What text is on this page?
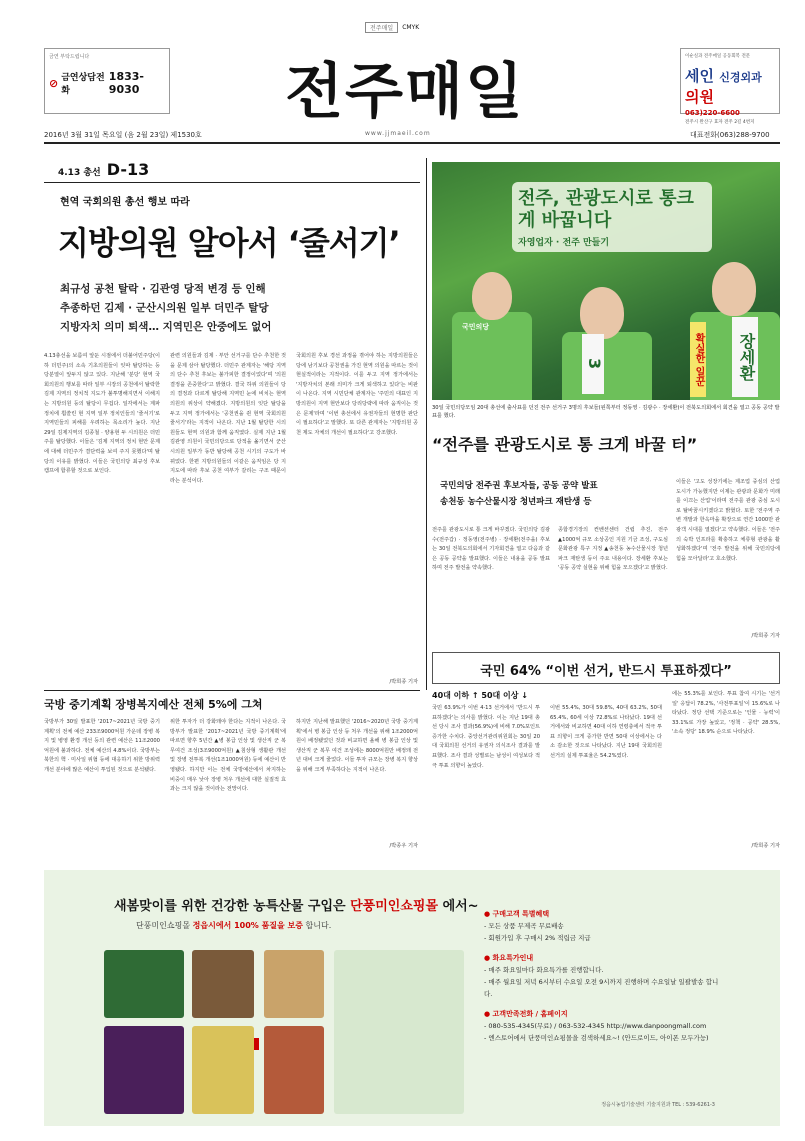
전주매일	CMYK
금연 부탁드립니다
⊘ 금연상담전화
1833-9030	전주매일
이순실과 전주매일 공동회복 전문
세인 신경외과 의원
063)220-6600
전주시 완산구 효자 전주 2길 4번지
2016년 3월 31일 목요일 (음 2월 23일) 제1530호	www.jjmaeil.com	대표전화(063)288-9700
4.13 총선 D-13
현역 국회의원 총선 행보 따라
지방의원 알아서 ‘줄서기’
최규성 공천 탈락 · 김관영 당적 변경 등 인해
추종하던 김제 · 군산시의원 일부 더민주 탈당
지방자치 의미 퇴색… 지역민은 안중에도 없어
4.13총선을 보름여 앞둔 시점에서 더불어민주당(이하 더민주)의 소속 기초의원들이 잇따 탈당하는 등 당분열이 앞두지 않고 있다. 지난해 '분당' 현역 국회의원의 행보를 따라 일부 시장의 공천에서 탈락한 김제 지역의 정치적 지도가 불투명해지면서 이해지는 지방의원 등의 탈당이 무겁다. 일각에서는 계파정치에 휩쓸린 현 지역 일부 정치인들의 '줄서기'로 지역민들의 피해를 우려하는 목소리가 높다. 지난 29일 김제지역의 김종철 · 양용현 두 시의원은 더민주를 탈당했다. 이들은 '김제 지역의 정치 현안 문제에 대해 더민주가 결단력을 보여 주지 못했다'며 탈당의 이유를 밝혔다. 이들은 국민의당 최규성 후보 캠프에 합류할 것으로 보인다.
관련 의원들과 김제 · 부안 선거구를 단수 추천한 것을 문제 삼아 탈당했다. 더민주 관계자는 '해당 지역의 단수 추천 후보는 불가피한 결정이었다'며 '의원 결정을 존중한다'고 밝혔다. 결국 하위 의원들이 당의 결정과 다르게 탈당해 지역민 눈에 비치는 현역 의원의 위상이 약해졌다. 지방의원의 잇단 탈당을 두고 지역 정가에서는 '공천권을 쥔 현역 국회의원 줄서기'라는 지적이 나온다. 지난 1월 탈당한 시의원들도 현역 의원과 함께 움직였다. 실제 지난 1월 김관영 의원이 국민의당으로 당적을 옮기면서 군산시의원 일부가 동반 탈당해 공천 시기의 구도가 바뀌었다. 한편 지방의원들의 이같은 움직임은 당 지지도에 따라 후보 공천 여부가 갈리는 구조 때문이라는 분석이다.
국회의원 후보 경선 과정을 겪어야 하는 지방의원들은 당에 남기보다 공천권을 가진 현역 의원을 따르는 것이 현실적이라는 지적이다. 이를 두고 지역 정가에서는 '지방자치의 본래 의미가 크게 퇴색하고 있다'는 비판이 나온다. 지역 시민단체 관계자는 '주민의 대표인 지방의원이 지역 현안보다 당리당략에 따라 움직이는 것은 문제'라며 '이번 총선에서 유권자들의 현명한 판단이 필요하다'고 말했다. 또 다른 관계자는 '지방의원 공천 제도 자체의 개선이 필요하다'고 강조했다.
/박희종 기자
전주, 관광도시로 통크게 바꿉니다
자영업자 · 전주 만들기
3	장세환
확실한 일꾼
국민의당
30일 국민의당모임 20대 총선에 출사표를 던진 전주 선거구 3명의 후보들(왼쪽부터 정동영 · 김광수 · 장세환)이 전북도의회에서 회견을 열고 공동 공약 발표를 했다.
“전주를 관광도시로 통 크게 바꿀 터”
국민의당 전주권 후보자들, 공동 공약 발표
송천동 농수산물시장 청년파크 재탄생 등
전주를 관광도시로 통 크게 바꾸겠다. 국민의당 김광수(전주갑) · 정동영(전주병) · 장세환(전주을) 후보는 30일 전북도의회에서 기자회견을 열고 다음과 같은 공동 공약을 발표했다. 이들은 내용을 공동 발표하며 전주 발전을 약속했다.
종합경기장의 컨벤션센터 건립 추진, 전주 ▲1000억 규모 소상공인 지원 기금 조성, 구도심 문화관광 특구 지정 ▲송천동 농수산물시장 청년파크 재탄생 등이 주요 내용이다. 장세환 후보는 '공동 공약 실현을 위해 힘을 모으겠다'고 밝혔다.
이들은 '고도 성장기에는 제조업 중심의 산업도시가 가능했지만 이제는 관광과 문화가 미래를 이끄는 산업'이라며 전주를 관광 중심 도시로 탈바꿈시키겠다고 밝혔다. 또한 '전주역 주변 개발과 한옥마을 확장으로 연간 1000만 관광객 시대를 열겠다'고 약속했다. 이들은 '전주의 숙박 인프라를 확충하고 체류형 관광을 활성화하겠다'며 '전주 발전을 위해 국민의당에 힘을 모아달라'고 호소했다.
/박희종 기자
국민 64% “이번 선거, 반드시 투표하겠다”
40대 이하 ↑ 50대 이상 ↓
국민 63.9%가 이번 4·13 선거에서 '반드시 투표하겠다'는 의사를 밝혔다. 이는 지난 19대 총선 당시 조사 결과(56.9%)에 비해 7.0%포인트 증가한 수치다. 중앙선거관리위원회는 30일 20대 국회의원 선거의 유권자 의식조사 결과를 발표했다. 조사 결과 성별로는 남성이 여성보다 적극 투표 의향이 높았다.
이번 55.4%, 30대 59.8%, 40대 63.2%, 50대 65.4%, 60세 이상 72.8%로 나타났다. 19대 선거에서와 비교하면 40대 이하 연령층에서 적극 투표 의향이 크게 증가한 반면 50대 이상에서는 다소 감소한 것으로 나타났다. 지난 19대 국회의원 선거의 실제 투표율은 54.2%였다.
에는 55.3%를 보인다. 투표 참여 시기는 '선거일' 응답이 78.2%, '사전투표일'이 15.6%로 나타났다. 정당 선택 기준으로는 '인물 · 능력'이 33.1%로 가장 높았고, '정책 · 공약' 28.5%, '소속 정당' 18.9% 순으로 나타났다.
/박희종 기자
국방 중기계획 장병복지예산 전체 5%에 그쳐
국방부가 30일 발표한 '2017~2021년 국방 중기계획'의 전체 예산 233조9000억원 가운데 장병 복지 및 병영 환경 개선 등의 관련 예산은 11조2000억원에 불과하다. 전체 예산의 4.8%이다. 국방부는 북한의 핵 · 미사일 위협 등에 대응하기 위한 방위력 개선 분야에 많은 예산이 투입된 것으로 분석됐다.
위한 투자가 더 강화돼야 한다는 지적이 나온다. 국방부가 발표한 '2017~2021년 국방 중기계획'에 따르면 향후 5년간 ▲병 봉급 인상 및 생산직 군 복무여건 조성(3조9000억원) ▲침상형 생활관 개선 및 장병 전투복 개선(1조1000억원) 등에 예산이 반영됐다. 하지만 이는 전체 국방예산에서 차지하는 비중이 매우 낮아 장병 처우 개선에 대한 실질적 효과는 크지 않을 것이라는 전망이다.
하지만 지난해 발표했던 '2016~2020년 국방 중기계획'에서 병 봉급 인상 등 처우 개선을 위해 1조2000억원이 배정됐었던 것과 비교하면 올해 병 봉급 인상 및 생산직 군 복무 여건 조성에는 8000억원만 배정돼 전년 대비 크게 줄었다. 이들 투자 규모는 장병 복지 향상을 위해 크게 부족하다는 지적이 나온다.
/박종우 기자
새봄맞이를 위한 건강한 농특산물 구입은 단풍미인쇼핑몰 에서~
단풍미인쇼핑몰 정읍시에서 100% 품질을 보증 합니다.
● 구매고객 특별혜택
- 모든 상품 무제곡 무료배송
- 회원가입 후 구매시 2% 적립금 지급
● 화요특가인내
- 매주 화요일마다 화요특가를 진행합니다.
- 매주 월요일 저녁 6시부터 수요일 오전 9시까지 진행하며 수요일날 일괄발송 합니다.
● 고객만족전화 / 홈페이지
- 080-535-4345(무료) / 063-532-4345 http://www.danpoongmall.com
- 엔스토어에서 단풍미인쇼핑몰을 검색하세요~! (안드로이드, 아이폰 모두가능)
정읍시농업기술센터 기술지원과 TEL : 539-6261-3
